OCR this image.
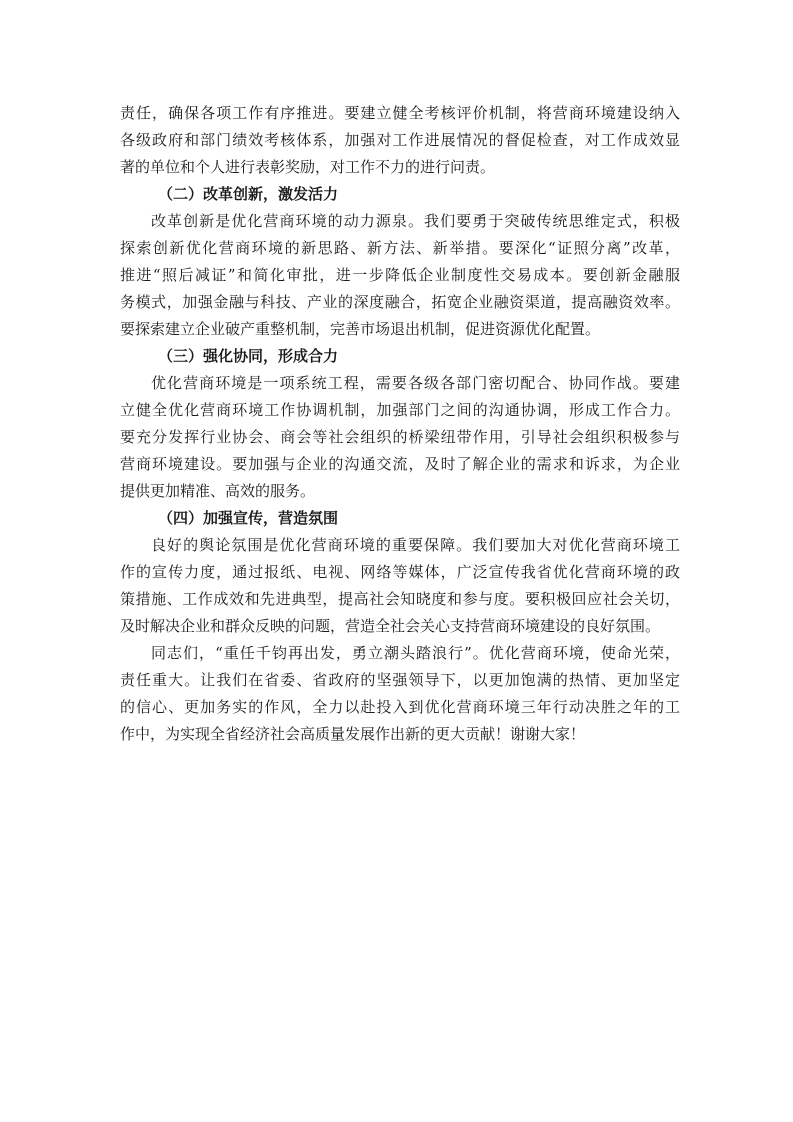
责任，确保各项工作有序推进。要建立健全考核评价机制，将营商环境建设纳入
各级政府和部门绩效考核体系，加强对工作进展情况的督促检查，对工作成效显
著的单位和个人进行表彰奖励，对工作不力的进行问责。
（二）改革创新，激发活力
改革创新是优化营商环境的动力源泉。我们要勇于突破传统思维定式，积极
探索创新优化营商环境的新思路、新方法、新举措。要深化“证照分离”改革，
推进“照后减证”和简化审批，进一步降低企业制度性交易成本。要创新金融服
务模式，加强金融与科技、产业的深度融合，拓宽企业融资渠道，提高融资效率。
要探索建立企业破产重整机制，完善市场退出机制，促进资源优化配置。
（三）强化协同，形成合力
优化营商环境是一项系统工程，需要各级各部门密切配合、协同作战。要建
立健全优化营商环境工作协调机制，加强部门之间的沟通协调，形成工作合力。
要充分发挥行业协会、商会等社会组织的桥梁纽带作用，引导社会组织积极参与
营商环境建设。要加强与企业的沟通交流，及时了解企业的需求和诉求，为企业
提供更加精准、高效的服务。
（四）加强宣传，营造氛围
良好的舆论氛围是优化营商环境的重要保障。我们要加大对优化营商环境工
作的宣传力度，通过报纸、电视、网络等媒体，广泛宣传我省优化营商环境的政
策措施、工作成效和先进典型，提高社会知晓度和参与度。要积极回应社会关切，
及时解决企业和群众反映的问题，营造全社会关心支持营商环境建设的良好氛围。
同志们，“重任千钧再出发，勇立潮头踏浪行”。优化营商环境，使命光荣，
责任重大。让我们在省委、省政府的坚强领导下，以更加饱满的热情、更加坚定
的信心、更加务实的作风，全力以赴投入到优化营商环境三年行动决胜之年的工
作中，为实现全省经济社会高质量发展作出新的更大贡献！谢谢大家！
